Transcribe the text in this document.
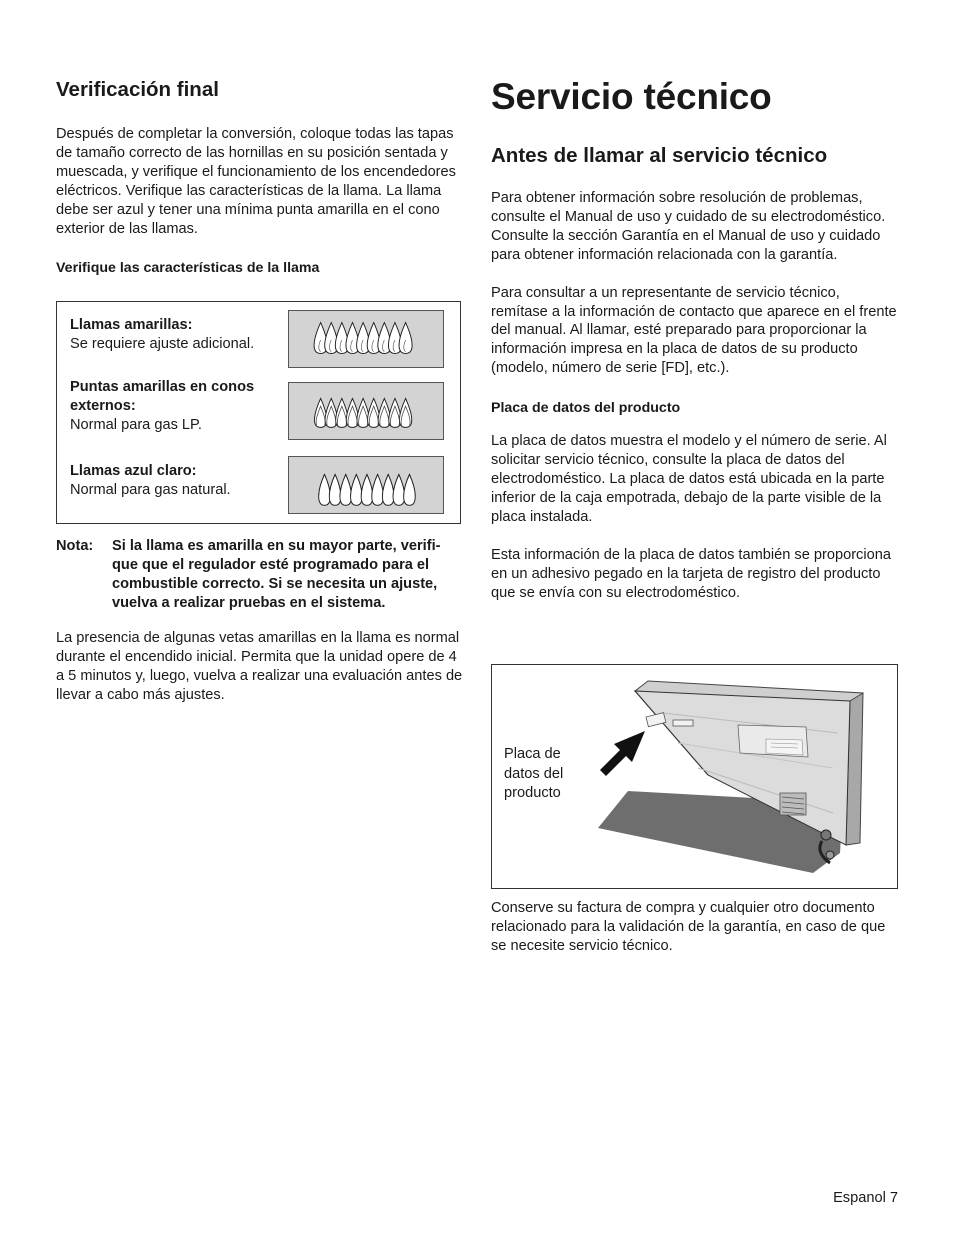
Verificación final

Después de completar la conversión, coloque todas las tapas de tamaño correcto de las hornillas en su posición sentada y muescada, y verifique el funcionamiento de los encendedores eléctricos. Verifique las características de la llama. La llama debe ser azul y tener una mínima punta amarilla en el cono exterior de las llamas.

Verifique las características de la llama

Llamas amarillas:
Se requiere ajuste adicional.
Puntas amarillas en conos externos:
Normal para gas LP.
Llamas azul claro:
Normal para gas natural.
Nota: Si la llama es amarilla en su mayor parte, verifi-que que el regulador esté programado para el combustible correcto. Si se necesita un ajuste, vuelva a realizar pruebas en el sistema.

La presencia de algunas vetas amarillas en la llama es normal durante el encendido inicial. Permita que la unidad opere de 4 a 5 minutos y, luego, vuelva a realizar una evaluación antes de llevar a cabo más ajustes.

Servicio técnico
Antes de llamar al servicio técnico

Para obtener información sobre resolución de problemas, consulte el Manual de uso y cuidado de su electrodoméstico. Consulte la sección Garantía en el Manual de uso y cuidado para obtener información relacionada con la garantía.

Para consultar a un representante de servicio técnico, remítase a la información de contacto que aparece en el frente del manual. Al llamar, esté preparado para proporcionar la información impresa en la placa de datos de su producto (modelo, número de serie [FD], etc.).

Placa de datos del producto

La placa de datos muestra el modelo y el número de serie. Al solicitar servicio técnico, consulte la placa de datos del electrodoméstico. La placa de datos está ubicada en la parte inferior de la caja empotrada, debajo de la parte visible de la placa instalada.

Esta información de la placa de datos también se proporciona en un adhesivo pegado en la tarjeta de registro del producto que se envía con su electrodoméstico.

Placa de
datos del
producto

Conserve su factura de compra y cualquier otro documento relacionado para la validación de la garantía, en caso de que se necesite servicio técnico.

Espanol 7
